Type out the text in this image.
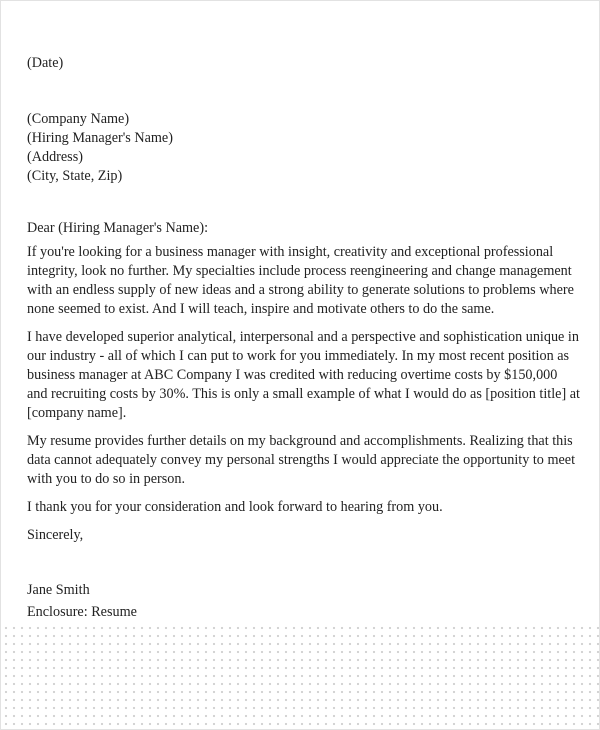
(Date)
(Company Name)
(Hiring Manager's Name)
(Address)
(City, State, Zip)
Dear (Hiring Manager's Name):
If you're looking for a business manager with insight, creativity and exceptional professional
integrity, look no further. My specialties include process reengineering and change management
with an endless supply of new ideas and a strong ability to generate solutions to problems where
none seemed to exist. And I will teach, inspire and motivate others to do the same.
I have developed superior analytical, interpersonal and a perspective and sophistication unique in
our industry - all of which I can put to work for you immediately. In my most recent position as
business manager at ABC Company I was credited with reducing overtime costs by $150,000
and recruiting costs by 30%. This is only a small example of what I would do as [position title] at
[company name].
My resume provides further details on my background and accomplishments. Realizing that this
data cannot adequately convey my personal strengths I would appreciate the opportunity to meet
with you to do so in person.
I thank you for your consideration and look forward to hearing from you.
Sincerely,
Jane Smith
Enclosure: Resume
